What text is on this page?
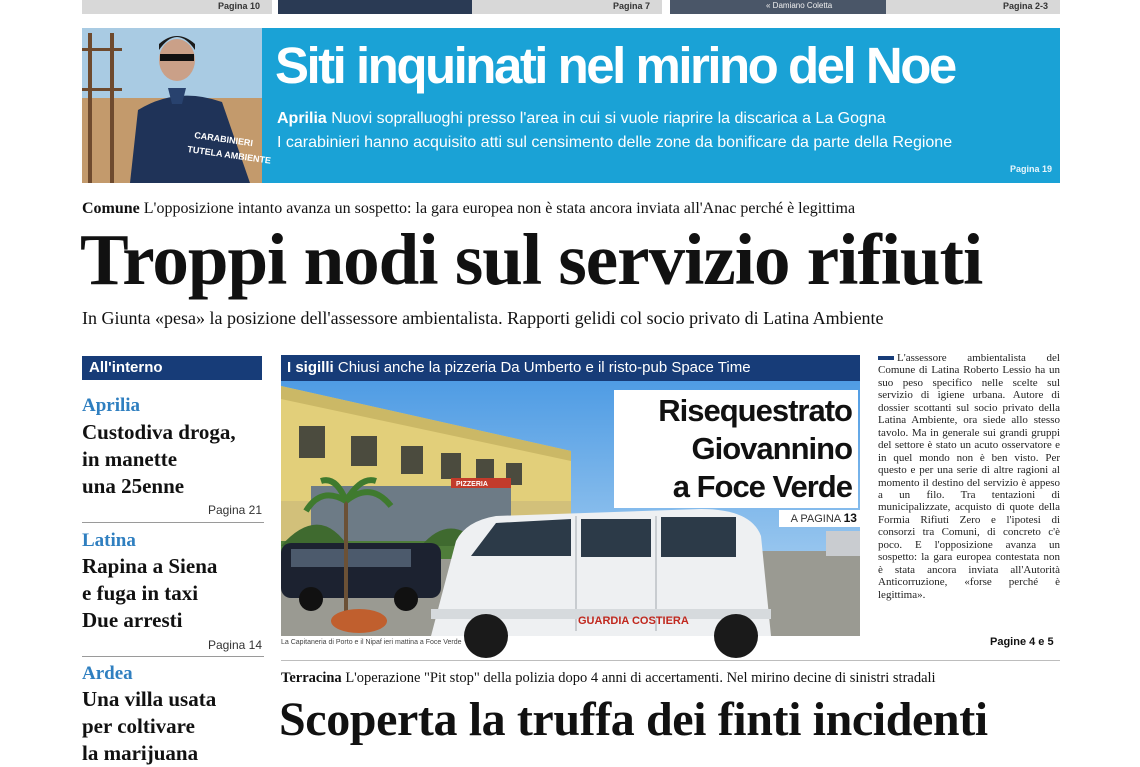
Pagina 10	Pagina 7	« Damiano Coletta	Pagina 2-3
CARABINIERI
TUTELA AMBIENTE
Siti inquinati nel mirino del Noe
Aprilia Nuovi sopralluoghi presso l'area in cui si vuole riaprire la discarica a La Gogna
I carabinieri hanno acquisito atti sul censimento delle zone da bonificare da parte della Regione
Pagina 19
Comune L'opposizione intanto avanza un sospetto: la gara europea non è stata ancora inviata all'Anac perché è legittima
Troppi nodi sul servizio rifiuti
In Giunta «pesa» la posizione dell'assessore ambientalista. Rapporti gelidi col socio privato di Latina Ambiente
All'interno
Aprilia
Custodiva droga,
in manette
una 25enne
Pagina 21
Latina
Rapina a Siena
e fuga in taxi
Due arresti
Pagina 14
Ardea
Una villa usata
per coltivare
la marijuana
I sigilli Chiusi anche la pizzeria Da Umberto e il risto-pub Space Time
PIZZERIA
GUARDIA COSTIERA
Risequestrato
Giovannino
a Foce Verde
A PAGINA 13
La Capitaneria di Porto e il Nipaf ieri mattina a Foce Verde
L'assessore ambientalista del Comune di Latina Roberto Lessio ha un suo peso specifico nelle scelte sul servizio di igiene urbana. Autore di dossier scottanti sul socio privato della Latina Ambiente, ora siede allo stesso tavolo. Ma in generale sui grandi gruppi del settore è stato un acuto osservatore e in quel mondo non è ben visto. Per questo e per una serie di altre ragioni al momento il destino del servizio è appeso a un filo. Tra tentazioni di municipalizzate, acquisto di quote della Formia Rifiuti Zero e l'ipotesi di consorzi tra Comuni, di concreto c'è poco. E l'opposizione avanza un sospetto: la gara europea contestata non è stata ancora inviata all'Autorità Anticorruzione, «forse perché è legittima».
Pagine 4 e 5
Terracina L'operazione "Pit stop" della polizia dopo 4 anni di accertamenti. Nel mirino decine di sinistri stradali
Scoperta la truffa dei finti incidenti
